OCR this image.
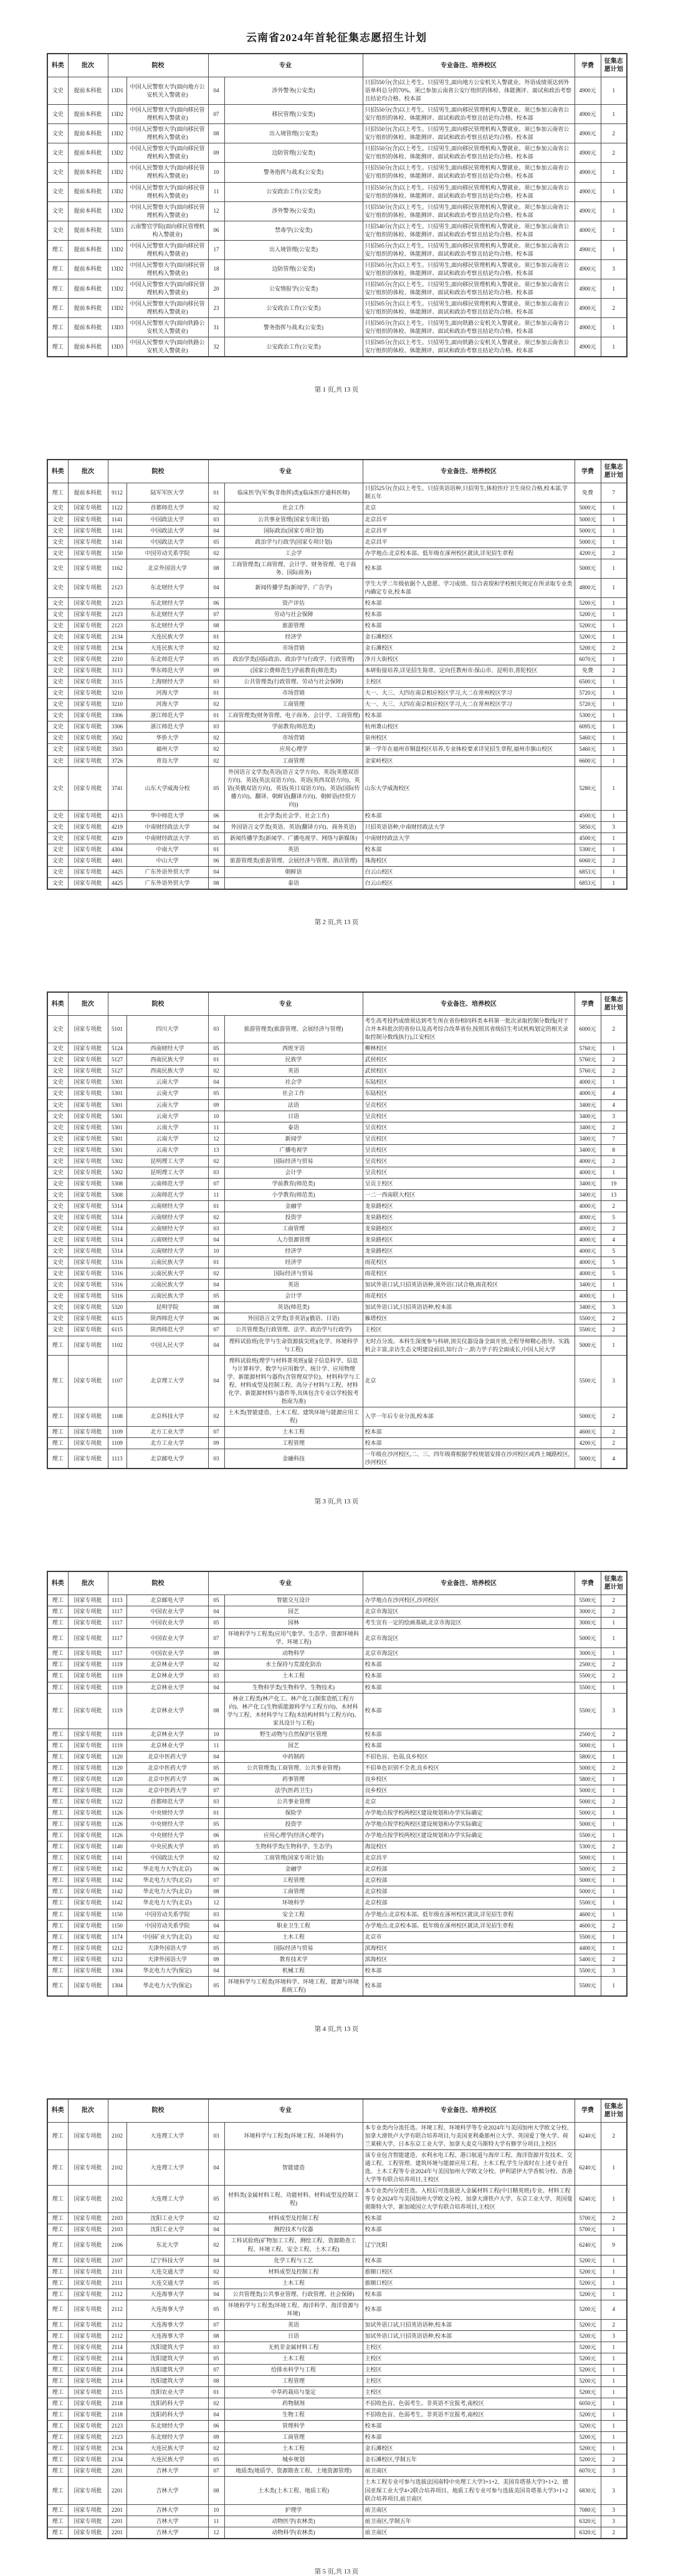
云南省2024年首轮征集志愿招生计划
科类	批次	院校		专业		专业备注、培养校区	学费	征集志愿计划
文史	提前本科批	13D1	中国人民警察大学(面向地方公安机关入警就业)	04	涉外警务(公安类)	只招550分(含)以上考生。只招男生,面向地方公安机关入警就业。外语成绩须达到外语单科总分的70%。须已参加云南省公安厅组织的体检、体能测评、面试和政治考察且结论均合格。校本部	4900元	1
文史	提前本科批	13D2	中国人民警察大学(面向移民管理机构入警就业)	07	移民管理(公安类)	只招550分(含)以上考生。只招男生,面向移民管理机构入警就业。须已参加云南省公安厅组织的体检、体能测评、面试和政治考察且结论均合格。校本部	4900元	1
文史	提前本科批	13D2	中国人民警察大学(面向移民管理机构入警就业)	08	出入境管理(公安类)	只招550分(含)以上考生。只招男生,面向移民管理机构入警就业。须已参加云南省公安厅组织的体检、体能测评、面试和政治考察且结论均合格。校本部	4900元	2
文史	提前本科批	13D2	中国人民警察大学(面向移民管理机构入警就业)	09	边防管理(公安类)	只招550分(含)以上考生。只招男生,面向移民管理机构入警就业。须已参加云南省公安厅组织的体检、体能测评、面试和政治考察且结论均合格。校本部	4900元	2
文史	提前本科批	13D2	中国人民警察大学(面向移民管理机构入警就业)	10	警务指挥与战术(公安类)	只招550分(含)以上考生。只招男生,面向移民管理机构入警就业。须已参加云南省公安厅组织的体检、体能测评、面试和政治考察且结论均合格。校本部	4900元	1
文史	提前本科批	13D2	中国人民警察大学(面向移民管理机构入警就业)	11	公安政治工作(公安类)	只招550分(含)以上考生。只招男生,面向移民管理机构入警就业。须已参加云南省公安厅组织的体检、体能测评、面试和政治考察且结论均合格。校本部	4900元	1
文史	提前本科批	13D2	中国人民警察大学(面向移民管理机构入警就业)	12	涉外警务(公安类)	只招550分(含)以上考生。只招男生,面向移民管理机构入警就业。须已参加云南省公安厅组织的体检、体能测评、面试和政治考察且结论均合格。校本部	4900元	1
文史	提前本科批	53D3	云南警官学院(面向移民管理机构入警就业)	06	禁毒学(公安类)	只招540分(含)以上考生。只招男生,面向移民管理机构入警就业。须已参加云南省公安厅组织的体检、体能测评、面试和政治考察且结论均合格。校本部	4000元	1
理工	提前本科批	13D2	中国人民警察大学(面向移民管理机构入警就业)	17	出入境管理(公安类)	只招505分(含)以上考生。只招男生,面向移民管理机构入警就业。须已参加云南省公安厅组织的体检、体能测评、面试和政治考察且结论均合格。校本部	4900元	1
理工	提前本科批	13D2	中国人民警察大学(面向移民管理机构入警就业)	18	边防管理(公安类)	只招505分(含)以上考生。只招男生,面向移民管理机构入警就业。须已参加云南省公安厅组织的体检、体能测评、面试和政治考察且结论均合格。校本部	4900元	3
理工	提前本科批	13D2	中国人民警察大学(面向移民管理机构入警就业)	20	公安情报学(公安类)	只招505分(含)以上考生。只招男生,面向移民管理机构入警就业。须已参加云南省公安厅组织的体检、体能测评、面试和政治考察且结论均合格。校本部	4900元	1
理工	提前本科批	13D2	中国人民警察大学(面向移民管理机构入警就业)	23	公安政治工作(公安类)	只招505分(含)以上考生。只招男生,面向移民管理机构入警就业。须已参加云南省公安厅组织的体检、体能测评、面试和政治考察且结论均合格。校本部	4900元	2
理工	提前本科批	13D3	中国人民警察大学(面向铁路公安机关入警就业)	31	警务指挥与战术(公安类)	只招505分(含)以上考生。只招男生,面向铁路公安机关入警就业。须已参加云南省公安厅组织的体检、体能测评、面试和政治考察且结论均合格。校本部	4900元	1
理工	提前本科批	13D3	中国人民警察大学(面向铁路公安机关入警就业)	32	公安政治工作(公安类)	只招505分(含)以上考生。只招男生,面向铁路公安机关入警就业。须已参加云南省公安厅组织的体检、体能测评、面试和政治考察且结论均合格。校本部	4900元	1
第 1 页,共 13 页
科类	批次	院校		专业		专业备注、培养校区	学费	征集志愿计划
理工	提前本科批	9112	陆军军医大学	01	临床医学(军事(非指挥)类)(临床医疗通科医师)	只招525分(含)以上考生。只招英语语种,只招男生,体检医疗卫生岗位合格,校本部,学制五年	免费	7
文史	国家专项批	1122	首都师范大学	02	社会工作	北京	5000元	1
文史	国家专项批	1141	中国政法大学	03	公共事业管理(国家专项计划)	北京昌平	5000元	1
文史	国家专项批	1141	中国政法大学	04	国际政治(国家专项计划)	北京昌平	5000元	1
文史	国家专项批	1141	中国政法大学	05	政治学与行政学(国家专项计划)	北京昌平	5000元	1
文史	国家专项批	1150	中国劳动关系学院	02	工会学	办学地点:北京校本部。低年级在涿州校区就读,详见招生章程	4200元	2
文史	国家专项批	1162	北京外国语大学	08	工商管理类(工商管理、会计学、财务管理、电子商务、国际商务)	校本部	5000元	1
文史	国家专项批	2123	东北财经大学	04	新闻传播学类(新闻学、广告学)	学生大学二年级依据个人意愿、学习成绩、综合表现和学校相关规定在所录取专业类内确定专业,校本部	4800元	1
文史	国家专项批	2123	东北财经大学	06	资产评估	校本部	5200元	1
文史	国家专项批	2123	东北财经大学	07	劳动与社会保障	校本部	5200元	1
文史	国家专项批	2123	东北财经大学	08	旅游管理	校本部	5200元	1
文史	国家专项批	2134	大连民族大学	01	经济学	金石滩校区	5200元	1
文史	国家专项批	2134	大连民族大学	02	市场营销	金石滩校区	5200元	2
文史	国家专项批	2210	东北师范大学	05	政治学类(国际政治、政治学与行政学、行政管理)	净月大街校区	6070元	1
文史	国家专项批	3113	华东师范大学	09	(国家公费师范生)学前教育(师范类)	本研衔接培养,详见招生简章。定向任教州市:保山市、昆明市,普陀校区	免费	2
文史	国家专项批	3115	上海财经大学	03	公共管理类(行政管理、劳动与社会保障)	主校区	6500元	1
文史	国家专项批	3210	河海大学	01	市场营销	大一、大三、大四在南京相应校区学习,大二在常州校区学习	5720元	1
文史	国家专项批	3210	河海大学	02	工商管理	大一、大三、大四在南京相应校区学习,大二在常州校区学习	5720元	1
文史	国家专项批	3306	浙江师范大学	01	工商管理类(财务管理、电子商务、会计学、工商管理)	校本部	5300元	1
文史	国家专项批	3306	浙江师范大学	03	学前教育(师范类)	杭州萧山校区	6095元	1
文史	国家专项批	3502	华侨大学	02	市场营销	泉州校区	5460元	1
文史	国家专项批	3503	福州大学	02	应用心理学	第一学年在福州市铜盘校区培养,专业体检要求详见招生章程,福州市旗山校区	5460元	1
文史	国家专项批	3726	青岛大学	02	工商管理	金家岭校区	6600元	1
文史	国家专项批	3741	山东大学威海分校	05	外国语言文学类(英语(语言文学方向)、英语(英德双语方向)、英语(英法双语方向)、英语(英西双语方向)、英语(英俄双语方向)、英语(英日双语方向)、英语(国际传播方向)、翻译、朝鲜语(翻译方向)、朝鲜语(经贸方向))	山东大学威海校区	5280元	1
文史	国家专项批	4213	华中师范大学	06	社会学类(社会学、社会工作)	校本部	4500元	1
文史	国家专项批	4219	中南财经政法大学	04	外国语言文学类(英语、英语(翻译方向)、商务英语)	只招英语语种,中南财经政法大学	5850元	3
文史	国家专项批	4219	中南财经政法大学	05	新闻传播学类(新闻学、广播电视学、网络与新媒体)	中南财经政法大学	4500元	1
文史	国家专项批	4304	中南大学	01	英语	校本部	5300元	1
文史	国家专项批	4401	中山大学	06	旅游管理类(旅游管理、会展经济与管理、酒店管理)	珠海校区	6060元	2
文史	国家专项批	4425	广东外语外贸大学	04	朝鲜语	白云山校区	6853元	1
文史	国家专项批	4425	广东外语外贸大学	08	泰语	白云山校区	6853元	1
第 2 页,共 13 页
科类	批次	院校		专业		专业备注、培养校区	学费	征集志愿计划
文史	国家专项批	5101	四川大学	03	旅游管理类(旅游管理、会展经济与管理)	考生高考投档成绩须达到考生所在省份相同科类本科第一批次录取控制分数线(对于合并本科批次的省份以及高考综合改革省份,按照其省级招生考试机构划定的相关录取控制分数线执行),江安校区	6000元	2
文史	国家专项批	5124	西南财经大学	05	西班牙语	柳林校区	5760元	1
文史	国家专项批	5127	西南民族大学	01	民族学	武侯校区	5760元	2
文史	国家专项批	5127	西南民族大学	02	英语	武侯校区	5760元	2
文史	国家专项批	5301	云南大学	04	社会学	东陆校区	4000元	1
文史	国家专项批	5301	云南大学	05	社会工作	东陆校区	4000元	4
文史	国家专项批	5301	云南大学	09	法语	呈贡校区	3400元	4
文史	国家专项批	5301	云南大学	10	日语	呈贡校区	3400元	3
文史	国家专项批	5301	云南大学	11	泰语	呈贡校区	3400元	2
文史	国家专项批	5301	云南大学	12	新闻学	呈贡校区	3400元	7
文史	国家专项批	5301	云南大学	13	广播电视学	呈贡校区	3400元	8
文史	国家专项批	5302	昆明理工大学	02	国际经济与贸易	呈贡校区	4000元	2
文史	国家专项批	5302	昆明理工大学	03	会计学	呈贡校区	4000元	1
文史	国家专项批	5308	云南师范大学	07	学前教育(师范类)	呈贡主校区	3400元	19
文史	国家专项批	5308	云南师范大学	11	小学教育(师范类)	一二一西南联大校区	3400元	13
文史	国家专项批	5314	云南财经大学	01	金融学	龙泉路校区	4000元	2
文史	国家专项批	5314	云南财经大学	02	投资学	龙泉路校区	4000元	5
文史	国家专项批	5314	云南财经大学	03	工商管理	龙泉路校区	4000元	2
文史	国家专项批	5314	云南财经大学	04	人力资源管理	龙泉路校区	4000元	4
文史	国家专项批	5314	云南财经大学	10	经济学	龙泉路校区	4000元	5
文史	国家专项批	5316	云南民族大学	01	经济学	雨花校区	4000元	5
文史	国家专项批	5316	云南民族大学	02	国际经济与贸易	雨花校区	4000元	5
文史	国家专项批	5316	云南民族大学	04	英语	加试外语口试,只招英语语种,须外语口试合格,雨花校区	3400元	1
文史	国家专项批	5316	云南民族大学	05	会计学	雨花校区	4000元	1
文史	国家专项批	5320	昆明学院	08	英语(师范类)	加试外语口试,只招英语语种,校本部	3400元	3
文史	国家专项批	6115	陕西师范大学	06	外国语言文学类(非英语)(俄语、日语)	雁塔校区	5500元	2
文史	国家专项批	6115	陕西师范大学	07	公共管理类(行政管理、法学、政治学与行政学)	主校区	5500元	2
理工	国家专项批	1102	中国人民大学	04	理科试验班(化学与生命资源拔尖班)(化学、环境科学与工程)	无时点分流。本科生深度参与科研,顶尖仪器设备全面开放,全程导师精心指导。实践机会丰富,亲访生态文明建设前沿,知行合一,助力学子的全面成长,中国人民大学	5000元	1
理工	国家专项批	1107	北京理工大学	04	理科试验班(理学与材料菁英班)(量子信息科学、信息与计算科学、数学与应用数学、统计学、应用物理学、新能源材料与器件(含管理双学位)、材料科学与工程、材料成型及控制工程、高分子材料与工程、材料化学、新能源材料与器件等,具体包含专业以学校报考指南为准)	北京	5500元	3
理工	国家专项批	1108	北京科技大学	02	土木类(智能建造、土木工程、建筑环境与能源应用工程)	入学一年后专业分流,校本部	5000元	2
理工	国家专项批	1109	北方工业大学	07	土木工程	校本部	4600元	2
理工	国家专项批	1109	北方工业大学	09	工程管理	校本部	4200元	2
理工	国家专项批	1113	北京邮电大学	03	金融科技	一年级在沙河校区,二、三、四年级将根据学校规划安排在沙河校区或西土城路校区,沙河校区	5000元	4
第 3 页,共 13 页
科类	批次	院校		专业		专业备注、培养校区	学费	征集志愿计划
理工	国家专项批	1113	北京邮电大学	05	智能交互设计	办学地点在沙河校区,沙河校区	5500元	2
理工	国家专项批	1117	中国农业大学	04	园艺	北京市海淀区	3000元	2
理工	国家专项批	1117	中国农业大学	05	园林	考生宜有一定的绘画基础,北京市海淀区	3000元	1
理工	国家专项批	1117	中国农业大学	07	环境科学与工程类(应用气象学、生态学、资源环境科学、环境工程)	北京市海淀区	5000元	1
理工	国家专项批	1117	中国农业大学	09	动物科学	北京市海淀区	3000元	1
理工	国家专项批	1119	北京林业大学	02	水土保持与荒漠化防治	校本部	2500元	2
理工	国家专项批	1119	北京林业大学	03	土木工程	校本部	5500元	2
理工	国家专项批	1119	北京林业大学	04	生物科学类(生物科学、生物技术)	校本部	5500元	1
理工	国家专项批	1119	北京林业大学	08	林业工程类(林产化工、林产化工(制浆造纸工程方向)、林产化工(生物质能源科学与工程方向)、木材科学与工程、木材科学与工程(木结构材料与工程方向)、家具设计与工程)	校本部	5500元	3
理工	国家专项批	1119	北京林业大学	10	野生动物与自然保护区管理	校本部	2500元	2
理工	国家专项批	1119	北京林业大学	11	园艺	校本部	5000元	1
理工	国家专项批	1120	北京中医药大学	04	中药制药	不招色盲、色弱,良乡校区	5800元	1
理工	国家专项批	1120	北京中医药大学	05	公共管理类(工商管理、公共事业管理)	不招单色识别不全者,良乡校区	5000元	2
理工	国家专项批	1120	北京中医药大学	06	药事管理	良乡校区	5800元	1
理工	国家专项批	1120	北京中医药大学	07	法学(医药卫生)	良乡校区	5000元	1
理工	国家专项批	1122	首都师范大学	03	公共事业管理	北京	5000元	2
理工	国家专项批	1126	中央财经大学	01	保险学	办学地点按学校两校区建设规划和办学实际确定	5000元	1
理工	国家专项批	1126	中央财经大学	05	投资学	办学地点按学校两校区建设规划和办学实际确定	5000元	1
理工	国家专项批	1126	中央财经大学	06	应用心理学(经济心理学)	办学地点按学校两校区建设规划和办学实际确定	5500元	1
理工	国家专项批	1140	中央民族大学	05	生物科学类(生物科学、生态学)	海淀校区	5300元	2
理工	国家专项批	1141	中国政法大学	02	工商管理(国家专项计划)	北京昌平	5000元	1
理工	国家专项批	1142	华北电力大学(北京)	06	金融学	北京校部	5000元	2
理工	国家专项批	1142	华北电力大学(北京)	07	工程管理	北京校部	5000元	1
理工	国家专项批	1142	华北电力大学(北京)	08	工商管理	北京校部	5000元	1
理工	国家专项批	1142	华北电力大学(北京)	12	环境科学	北京校部	5500元	1
理工	国家专项批	1150	中国劳动关系学院	03	安全工程	办学地点:北京校本部。低年级在涿州校区就读,详见招生章程	4600元	1
理工	国家专项批	1150	中国劳动关系学院	04	职业卫生工程	办学地点:北京校本部。低年级在涿州校区就读,详见招生章程	4600元	2
理工	国家专项批	1174	中国矿业大学(北京)	02	土木工程	北京市	5500元	1
理工	国家专项批	1212	天津外国语大学	05	国际经济与贸易	滨海校区	4400元	1
理工	国家专项批	1212	天津外国语大学	09	教育技术学	滨海校区	5400元	2
理工	国家专项批	1304	华北电力大学(保定)	04	机械工程	校本部	5500元	3
理工	国家专项批	1304	华北电力大学(保定)	05	环境科学与工程类(环境科学、环境工程、能源与环境系统工程)	校本部	5500元	1
第 4 页,共 13 页
科类	批次	院校		专业		专业备注、培养校区	学费	征集志愿计划
理工	国家专项批	2102	大连理工大学	03	环境科学与工程类(环境工程、环境科学)	本专业类内分流任选。环境工程、环境科学等专业2024年与美国加州大学欧文分校、加拿大滑铁卢大学有联合培养项目,与美国亚利桑那州立大学、英国爱丁堡大学、荷兰莱顿大学、日本东京工业大学、加拿大麦克马斯特大学有修学分项目,主校区	6240元	2
理工	国家专项批	2102	大连理工大学	04	智能建造	该专业包含智能建造、水利水电工程、港口航道与海岸工程、海洋资源开发技术、交通工程、工程管理、建筑环境与能源应用工程、土木工程,学生分流时在上述专业任选。土木工程等专业2024年与美国加州大学欧文分校、伊利诺伊大学香槟分校、香港大学等有联合培养项目,主校区	6240元	1
理工	国家专项批	2102	大连理工大学	05	材料类(金属材料工程、功能材料、材料成型及控制工程)	本专业类内分流任选。入校后可选拔进入金属材料工程(中日精英班)专业。材料工程等专业2024年与美国加州大学欧文分校、加拿大滑铁卢大学、东京工业大学、英国曼彻斯特大学、新加坡国立大学有联合培养项目,主校区	6240元	1
理工	国家专项批	2103	沈阳工业大学	02	材料成型及控制工程	校本部	5700元	2
理工	国家专项批	2103	沈阳工业大学	04	测控技术与仪器	校本部	5700元	1
理工	国家专项批	2106	东北大学	02	工科试验班(矿物加工工程、测绘工程、资源勘查工程、环境工程、安全工程、土木工程)	辽宁沈阳	6240元	9
理工	国家专项批	2107	辽宁科技大学	04	化学工程与工艺	校本部	5200元	1
理工	国家专项批	2111	大连交通大学	02	材料成型及控制工程	旅顺口校区	5200元	1
理工	国家专项批	2111	大连交通大学	05	土木工程	旅顺口校区	5200元	1
理工	国家专项批	2112	大连海事大学	04	公共管理类(公共事业管理、行政管理、社会保障)	校本部	5200元	1
理工	国家专项批	2112	大连海事大学	05	环境科学与工程类(环境工程、海洋科学、海洋资源与环境)	校本部	5200元	4
理工	国家专项批	2112	大连海事大学	07	英语	加试外语口试,只招英语语种,校本部	5200元	2
理工	国家专项批	2112	大连海事大学	08	日语	加试外语口试,只招英语语种,校本部	5200元	3
理工	国家专项批	2114	沈阳建筑大学	03	无机非金属材料工程	主校区	5200元	1
理工	国家专项批	2114	沈阳建筑大学	05	土木工程	主校区	5200元	1
理工	国家专项批	2114	沈阳建筑大学	07	给排水科学与工程	主校区	5200元	1
理工	国家专项批	2114	沈阳建筑大学	08	工程管理	主校区	5200元	1
理工	国家专项批	2115	沈阳农业大学	01	中草药栽培与鉴定	主校区	5200元	1
理工	国家专项批	2118	沈阳药科大学	02	药物制剂	不招收色盲、色弱考生。非英语不宜报考,南校区	6050元	1
理工	国家专项批	2118	沈阳药科大学	04	生物工程	不招收色盲、色弱考生。非英语不宜报考,南校区	5200元	1
理工	国家专项批	2123	东北财经大学	06	管理科学	校本部	5200元	1
理工	国家专项批	2123	东北财经大学	09	工商管理	校本部	5200元	1
理工	国家专项批	2134	大连民族大学	02	土木工程	金石滩校区	5200元	1
理工	国家专项批	2134	大连民族大学	05	城乡规划	金石滩校区,学制五年	5200元	2
理工	国家专项批	2201	吉林大学	07	地质类(地质学、资源勘查工程、土地资源管理)	前卫南区	6070元	3
理工	国家专项批	2201	吉林大学	08	土木类(土木工程、地质工程)	土木工程专业可参与选拔法国南特中央理工大学3+1+2、美国肯塔基大学3+1+2、德国亚琛工业大学4+2联合培养项目。地质工程专业可参与选拔美国肯塔基大学3+1+2联合培养项目,前卫南区	6830元	3
理工	国家专项批	2201	吉林大学	10	护理学	前卫南区	7080元	3
理工	国家专项批	2201	吉林大学	11	动物医学(农林类)	前卫南区,学制五年	6320元	3
理工	国家专项批	2201	吉林大学	12	动物科学(农林类)	前卫南区	6320元	2
第 5 页,共 13 页
